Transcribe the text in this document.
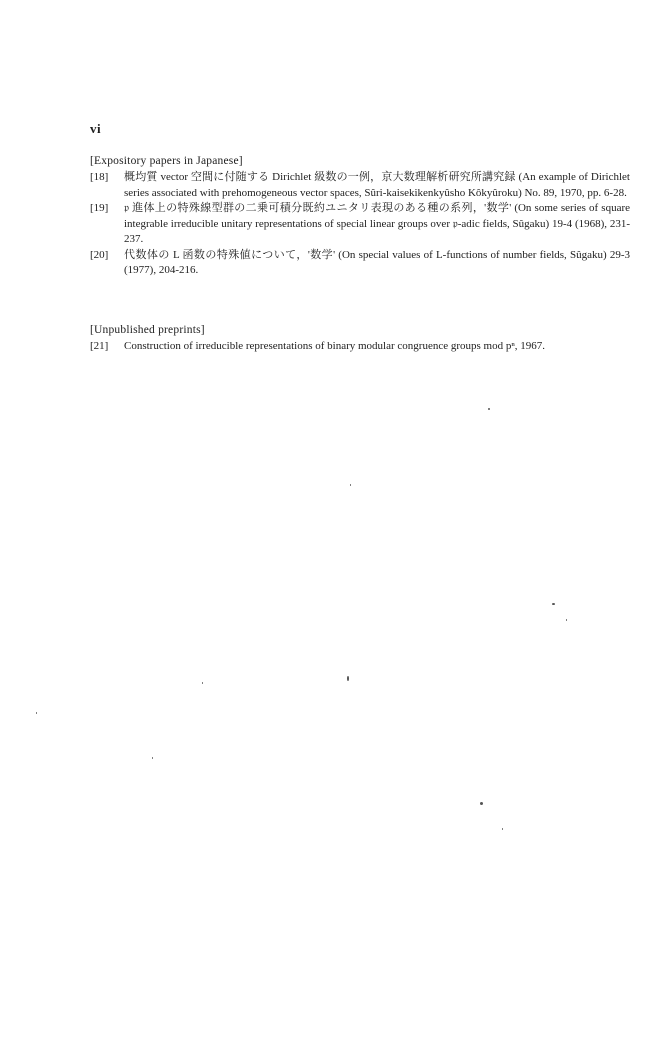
vi
[Expository papers in Japanese]
[18]	概均質 vector 空間に付随する Dirichlet 級数の一例，京大数理解析研究所講究録 (An example of Dirichlet series associated with prehomogeneous vector spaces, Sûri-kaisekikenkyûsho Kôkyûroku) No. 89, 1970, pp. 6-28.
[19]	𝔭 進体上の特殊線型群の二乗可積分既約ユニタリ表現のある種の系列，'数学' (On some series of square integrable irreducible unitary representations of special linear groups over 𝔭-adic fields, Sûgaku) 19-4 (1968), 231-237.
[20]	代数体の L 函数の特殊値について，'数学' (On special values of L-functions of number fields, Sûgaku) 29-3 (1977), 204-216.
[Unpublished preprints]
[21]	Construction of irreducible representations of binary modular congruence groups mod pⁿ, 1967.
